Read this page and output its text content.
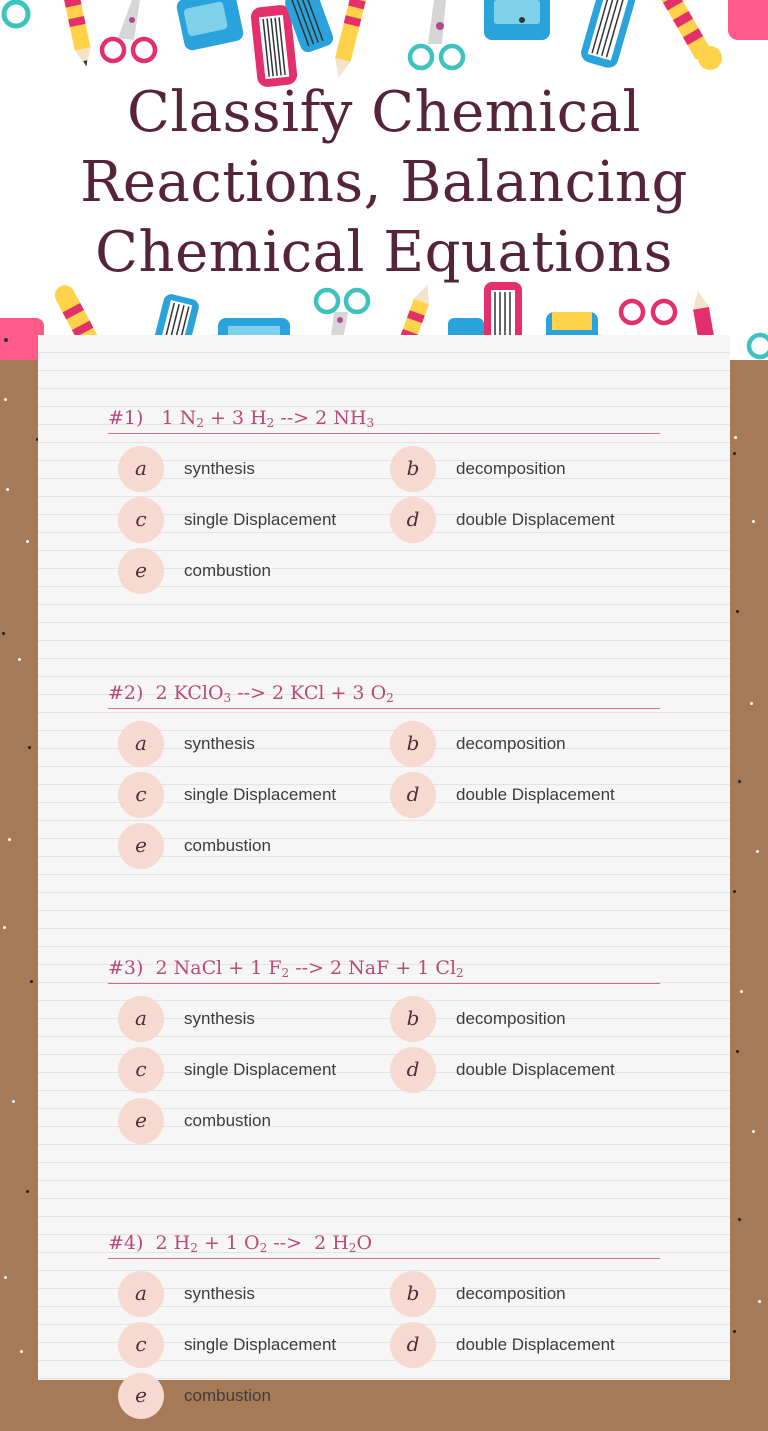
Classify Chemical Reactions, Balancing Chemical Equations
#1) 1 $N_2 + 3$ $H_2$ --> 2 $NH_3$
a	synthesis	b	decomposition
c	single Displacement	d	double Displacement
e	combustion
#2) 2 KClO$_3$ --> 2 KCl + 3 $O_2$
a	synthesis	b	decomposition
c	single Displacement	d	double Displacement
e	combustion
#3) 2 NaCl + 1 $F_2$ --> 2 NaF + 1 $Cl_2$
a	synthesis	b	decomposition
c	single Displacement	d	double Displacement
e	combustion
#4) 2 $H_2 + 1$ $O_2$ -->  2 $H_2O$
a	synthesis	b	decomposition
c	single Displacement	d	double Displacement
e	combustion
